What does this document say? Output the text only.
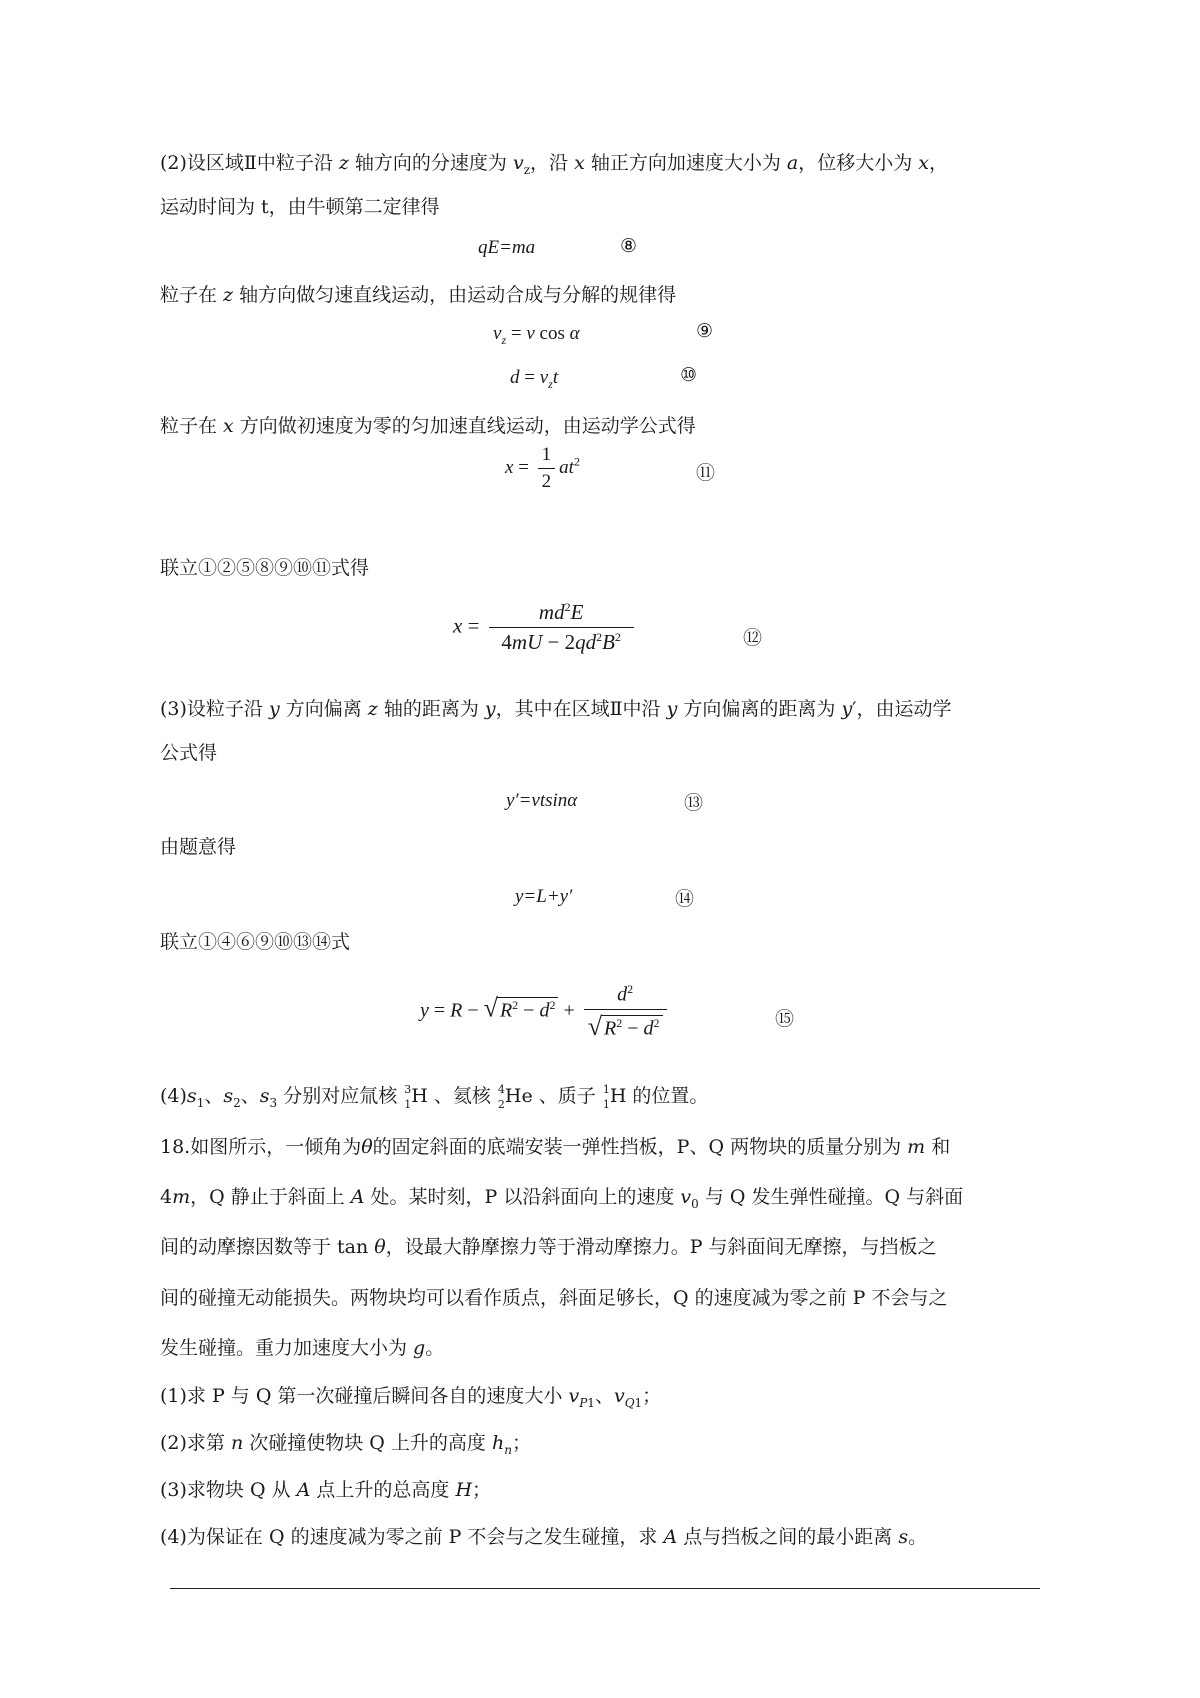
(2)设区域Ⅱ中粒子沿 z 轴方向的分速度为 $v_z$，沿 x 轴正方向加速度大小为 a，位移大小为 x，
运动时间为 t，由牛顿第二定律得
qE=ma	⑧
粒子在 z 轴方向做匀速直线运动，由运动合成与分解的规律得
$v_z = v$ cos α	⑨
$d = v_zt$	⑩
粒子在 x 方向做初速度为零的匀加速直线运动，由运动学公式得
$x = \frac{1}{2} at^2$
⑪
联立①②⑤⑧⑨⑩⑪式得
$x = \frac{md^2E}{4mU - 2qd^2B^2}$	⑫
(3)设粒子沿 y 方向偏离 z 轴的距离为 y，其中在区域Ⅱ中沿 y 方向偏离的距离为 y′，由运动学
公式得
y′=vtsinα	⑬
由题意得
y=L+y′	⑭
联立①④⑥⑨⑩⑬⑭式
y = R − √ $R^2 - d^2 + \frac{d^2}{√ R^2 - d^2}$	⑮
$(4)s_1$、$s_2$、$s_3$ 分别对应氚核 3
1 H 、氦核 4
2 He 、质子 1
1 H 的位置。
18.如图所示，一倾角为θ的固定斜面的底端安装一弹性挡板，P、Q 两物块的质量分别为 m 和
4m，Q 静止于斜面上 A 处。某时刻，P 以沿斜面向上的速度 $v_0$ 与 Q 发生弹性碰撞。Q 与斜面
间的动摩擦因数等于 tan θ，设最大静摩擦力等于滑动摩擦力。P 与斜面间无摩擦，与挡板之
间的碰撞无动能损失。两物块均可以看作质点，斜面足够长，Q 的速度减为零之前 P 不会与之
发生碰撞。重力加速度大小为 g。
(1)求 P 与 Q 第一次碰撞后瞬间各自的速度大小 $v_{P1}$、$v_{Q1}$；
(2)求第 n 次碰撞使物块 Q 上升的高度 $h_n$；
(3)求物块 Q 从 A 点上升的总高度 H；
(4)为保证在 Q 的速度减为零之前 P 不会与之发生碰撞，求 A 点与挡板之间的最小距离 s。
